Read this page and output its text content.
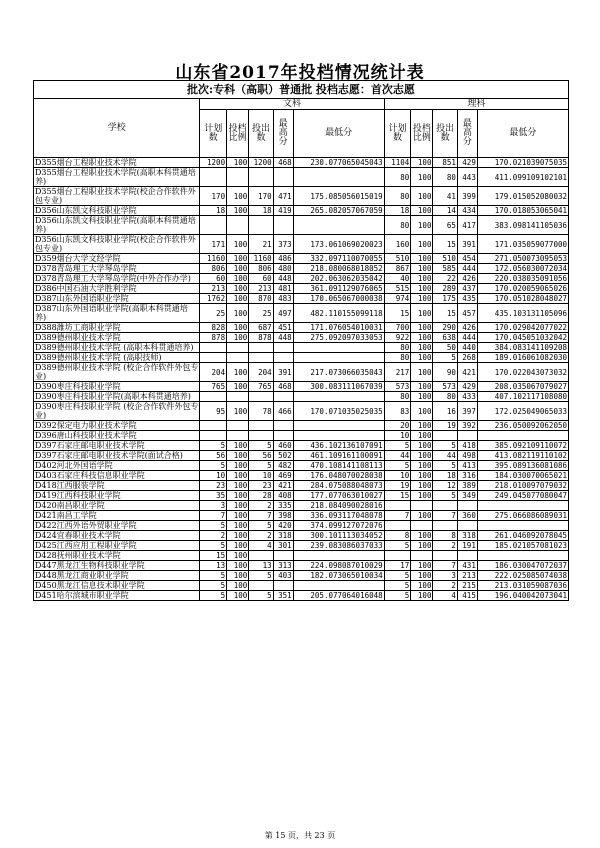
山东省2017年投档情况统计表
批次:专科（高职）普通批 投档志愿：首次志愿										
学校	文科					理科				
	计划数	投档比例	投出数	最高分	最低分	计划数	投档比例	投出数	最高分	最低分
D355烟台工程职业技术学院	1200	100	1200	468	230.077065045043	1104	100	851	429	170.021039075035
D355烟台工程职业技术学院(高职本科贯通培养)						80	100	80	443	411.099109102101
D355烟台工程职业技术学院(校企合作软件外包专业)	170	100	170	471	175.085056015019	80	100	41	399	179.015052080032
D356山东凯文科技职业学院	18	100	18	419	265.082057067059	18	100	14	434	170.018053065041
D356山东凯文科技职业学院(高职本科贯通培养)						80	100	65	417	383.098141105036
D356山东凯文科技职业学院(校企合作软件外包专业)	171	100	21	373	173.061069020023	160	100	15	391	171.035059077000
D359烟台大学文经学院	1160	100	1160	486	332.097110070055	510	100	510	454	271.050073095053
D378青岛理工大学琴岛学院	806	100	806	480	218.080068018052	867	100	585	444	172.056030072034
D378青岛理工大学琴岛学院(中外合作办学)	60	100	60	448	202.063062035042	40	100	22	426	220.038035091056
D386中国石油大学胜利学院	213	100	213	481	361.091129076065	515	100	289	437	170.020059065026
D387山东外国语职业学院	1762	100	870	483	170.065067000038	974	100	175	435	170.051028048027
D387山东外国语职业学院(高职本科贯通培养)	25	100	25	497	482.110155099118	15	100	15	457	435.103131105096
D388潍坊工商职业学院	828	100	687	451	171.076054010031	700	100	290	426	170.029042077022
D389德州职业技术学院	878	100	878	448	275.092097033053	922	100	638	444	170.045051032042
D389德州职业技术学院 (高职本科贯通培养)						80	100	50	440	384.083141109208
D389德州职业技术学院 (高职技师)						80	100	5	268	189.016061082030
D389德州职业技术学院 (校企合作软件外包专业)	204	100	204	391	217.073066035043	217	100	90	421	170.022043073032
D390枣庄科技职业学院	765	100	765	468	300.083111067039	573	100	573	429	208.035067079027
D390枣庄科技职业学院(高职本科贯通培养)						80	100	80	433	407.102117108080
D390枣庄科技职业学院 (校企合作软件外包专业)	95	100	78	466	170.071035025035	83	100	16	397	172.025049065033
D392保定电力职业技术学院						20	100	19	392	236.050092062050
D396唐山科技职业技术学院						10	100			
D397石家庄邮电职业技术学院	5	100	5	460	436.102136107091	5	100	5	418	385.092109110072
D397石家庄邮电职业技术学院(面试合格)	56	100	56	502	461.109161100091	44	100	44	498	413.082119110102
D402河北外国语学院	5	100	5	482	470.108141108113	5	100	5	413	395.089136081086
D403石家庄科技信息职业学院	10	100	10	469	176.048070028038	10	100	18	316	184.030070065021
D418江西服装学院	23	100	23	421	284.075088048073	19	100	12	389	218.010097079032
D419江西科技职业学院	35	100	28	408	177.077063010027	15	100	5	349	249.045077080047
D420南昌职业学院	3	100	2	335	218.084090028016					
D421南昌工学院	7	100	7	398	336.093117048078	7	100	7	360	275.066086089031
D422江西外语外贸职业学院	5	100	5	420	374.099127072076					
D424宜春职业技术学院	2	100	2	318	300.101113034052	8	100	8	318	261.046092078045
D425江西应用工程职业学院	5	100	4	301	239.083086037033	5	100	2	191	185.021057081023
D428抚州职业技术学院	15	100								
D447黑龙江生物科技职业学院	13	100	13	313	224.098087010029	17	100	7	431	186.030047072037
D448黑龙江商业职业学院	5	100	5	403	182.073065010034	5	100	3	213	222.025085074038
D450黑龙江信息技术职业学院	5	100				5	100	2	215	213.031059087036
D451哈尔滨城市职业学院	5	100	5	351	205.077064016048	5	100	4	415	196.040042073041
第 15 页，共 23 页
